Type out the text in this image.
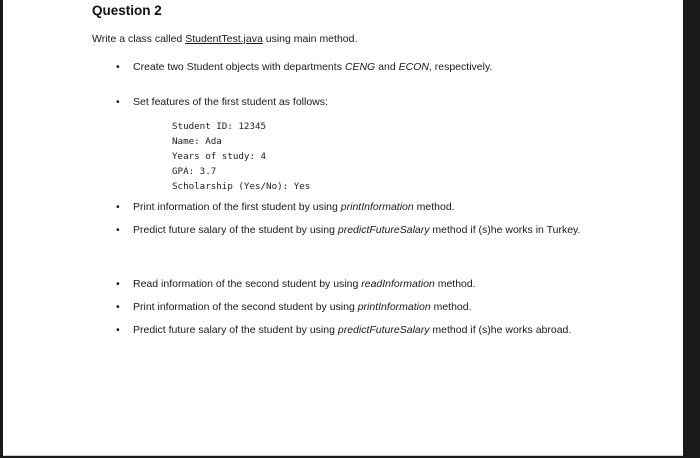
Question 2
Write a class called StudentTest.java using main method.
•	Create two Student objects with departments CENG and ECON, respectively.
•	Set features of the first student as follows:
Student ID: 12345
Name: Ada
Years of study: 4
GPA: 3.7
Scholarship (Yes/No): Yes
•	Print information of the first student by using printInformation method.
•	Predict future salary of the student by using predictFutureSalary method if (s)he works in Turkey.
•	Read information of the second student by using readInformation method.
•	Print information of the second student by using printInformation method.
•	Predict future salary of the student by using predictFutureSalary method if (s)he works abroad.
